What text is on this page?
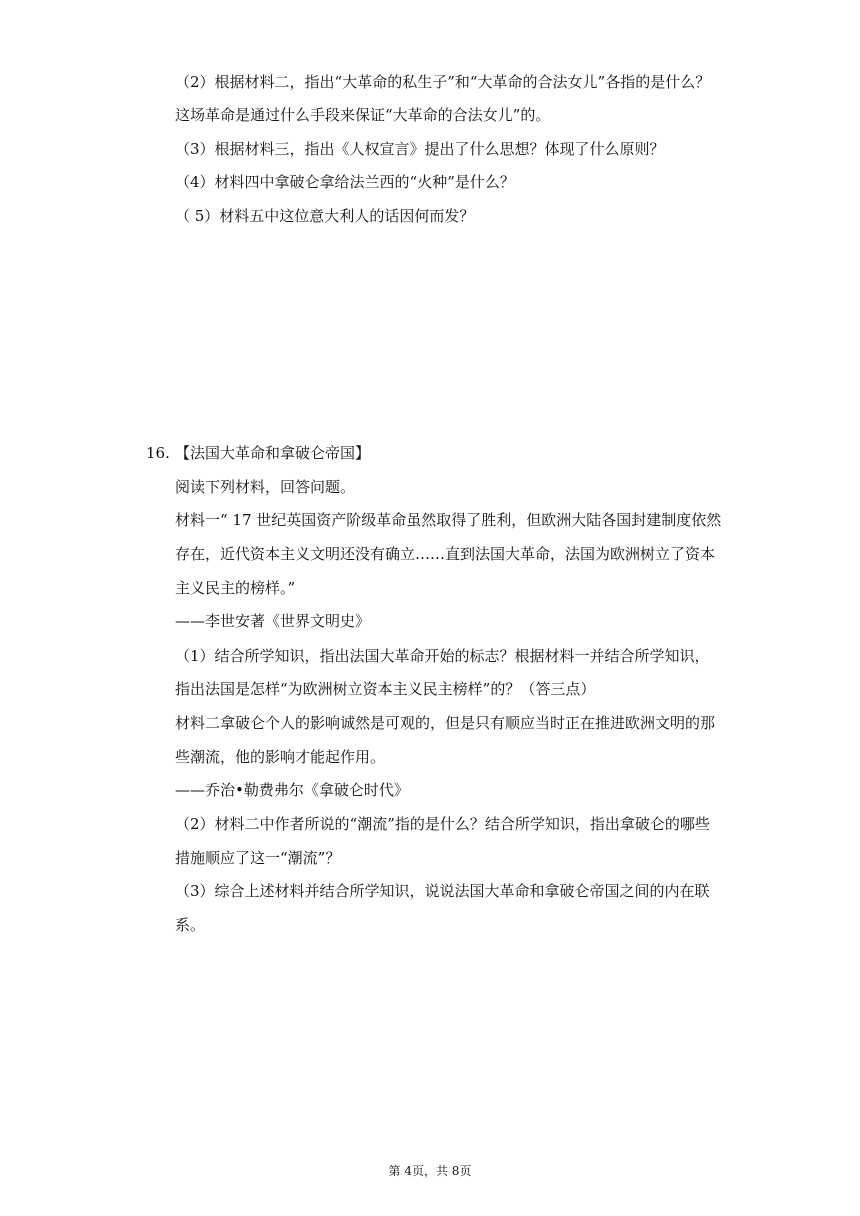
（2）根据材料二，指出“大革命的私生子”和“大革命的合法女儿”各指的是什么？
这场革命是通过什么手段来保证“大革命的合法女儿”的。
（3）根据材料三，指出《人权宣言》提出了什么思想？体现了什么原则？
（4）材料四中拿破仑拿给法兰西的“火种”是什么？
（ 5）材料五中这位意大利人的话因何而发？
16. 【法国大革命和拿破仑帝国】
阅读下列材料，回答问题。
材料一“ 17 世纪英国资产阶级革命虽然取得了胜利，但欧洲大陆各国封建制度依然
存在，近代资本主义文明还没有确立……直到法国大革命，法国为欧洲树立了资本
主义民主的榜样。”
——李世安著《世界文明史》
（1）结合所学知识，指出法国大革命开始的标志？根据材料一并结合所学知识，
指出法国是怎样“为欧洲树立资本主义民主榜样”的？（答三点）
材料二拿破仑个人的影响诚然是可观的，但是只有顺应当时正在推进欧洲文明的那
些潮流，他的影响才能起作用。
——乔治•勒费弗尔《拿破仑时代》
（2）材料二中作者所说的“潮流”指的是什么？结合所学知识，指出拿破仑的哪些
措施顺应了这一“潮流”？
（3）综合上述材料并结合所学知识，说说法国大革命和拿破仑帝国之间的内在联
系。
第 4页，共 8页
